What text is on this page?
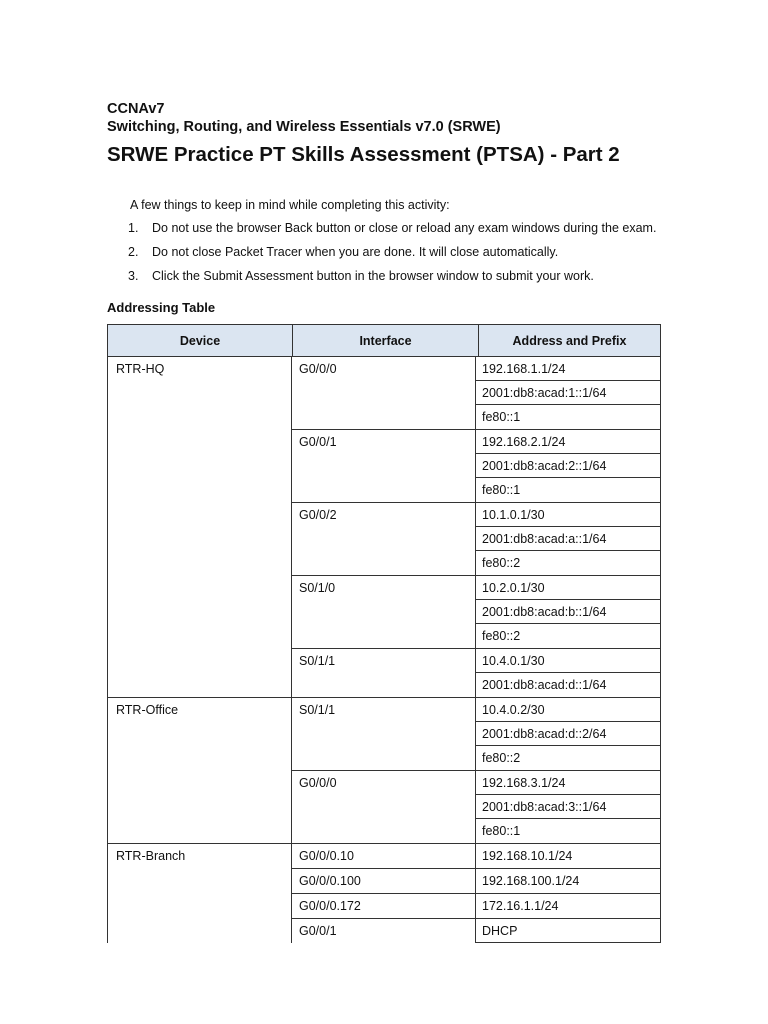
CCNAv7
Switching, Routing, and Wireless Essentials v7.0 (SRWE)
SRWE Practice PT Skills Assessment (PTSA) - Part 2
A few things to keep in mind while completing this activity:
1.	Do not use the browser Back button or close or reload any exam windows during the exam.
2.	Do not close Packet Tracer when you are done. It will close automatically.
3.	Click the Submit Assessment button in the browser window to submit your work.
Addressing Table
Device	Interface	Address and Prefix
RTR-HQ	G0/0/0	192.168.1.1/24
2001:db8:acad:1::1/64
fe80::1
G0/0/1	192.168.2.1/24
2001:db8:acad:2::1/64
fe80::1
G0/0/2	10.1.0.1/30
2001:db8:acad:a::1/64
fe80::2
S0/1/0	10.2.0.1/30
2001:db8:acad:b::1/64
fe80::2
S0/1/1	10.4.0.1/30
2001:db8:acad:d::1/64
RTR-Office	S0/1/1	10.4.0.2/30
2001:db8:acad:d::2/64
fe80::2
G0/0/0	192.168.3.1/24
2001:db8:acad:3::1/64
fe80::1
RTR-Branch	G0/0/0.10	192.168.10.1/24
G0/0/0.100	192.168.100.1/24
G0/0/0.172	172.16.1.1/24
G0/0/1	DHCP
